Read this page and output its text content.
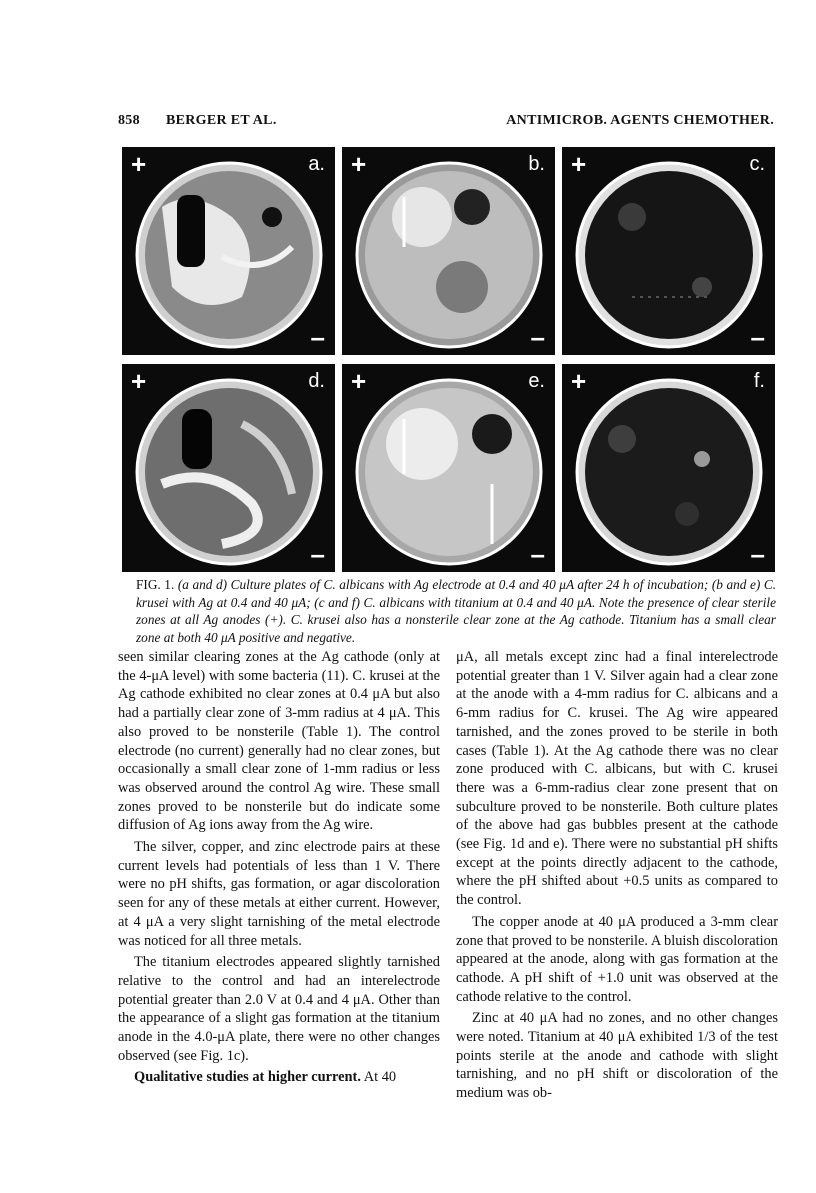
858 BERGER ET AL.	ANTIMICROB. AGENTS CHEMOTHER.
+	a.
–
+	b.
–
+	c.
–
+	d.
–
+	e.
–
+	f.
–
FIG. 1. (a and d) Culture plates of C. albicans with Ag electrode at 0.4 and 40 μA after 24 h of incubation; (b and e) C. krusei with Ag at 0.4 and 40 μA; (c and f) C. albicans with titanium at 0.4 and 40 μA. Note the presence of clear sterile zones at all Ag anodes (+). C. krusei also has a nonsterile clear zone at the Ag cathode. Titanium has a small clear zone at both 40 μA positive and negative.

seen similar clearing zones at the Ag cathode (only at the 4-μA level) with some bacteria (11). C. krusei at the Ag cathode exhibited no clear zones at 0.4 μA but also had a partially clear zone of 3-mm radius at 4 μA. This also proved to be nonsterile (Table 1). The control electrode (no current) generally had no clear zones, but occasionally a small clear zone of 1-mm radius or less was observed around the control Ag wire. These small zones proved to be nonsterile but do indicate some diffusion of Ag ions away from the Ag wire.

The silver, copper, and zinc electrode pairs at these current levels had potentials of less than 1 V. There were no pH shifts, gas formation, or agar discoloration seen for any of these metals at either current. However, at 4 μA a very slight tarnishing of the metal electrode was noticed for all three metals.

The titanium electrodes appeared slightly tarnished relative to the control and had an interelectrode potential greater than 2.0 V at 0.4 and 4 μA. Other than the appearance of a slight gas formation at the titanium anode in the 4.0-μA plate, there were no other changes observed (see Fig. 1c).

Qualitative studies at higher current. At 40

μA, all metals except zinc had a final interelectrode potential greater than 1 V. Silver again had a clear zone at the anode with a 4-mm radius for C. albicans and a 6-mm radius for C. krusei. The Ag wire appeared tarnished, and the zones proved to be sterile in both cases (Table 1). At the Ag cathode there was no clear zone produced with C. albicans, but with C. krusei there was a 6-mm-radius clear zone present that on subculture proved to be nonsterile. Both culture plates of the above had gas bubbles present at the cathode (see Fig. 1d and e). There were no substantial pH shifts except at the points directly adjacent to the cathode, where the pH shifted about +0.5 units as compared to the control.

The copper anode at 40 μA produced a 3-mm clear zone that proved to be nonsterile. A bluish discoloration appeared at the anode, along with gas formation at the cathode. A pH shift of +1.0 unit was observed at the cathode relative to the control.

Zinc at 40 μA had no zones, and no other changes were noted. Titanium at 40 μA exhibited 1/3 of the test points sterile at the anode and cathode with slight tarnishing, and no pH shift or discoloration of the medium was ob-
